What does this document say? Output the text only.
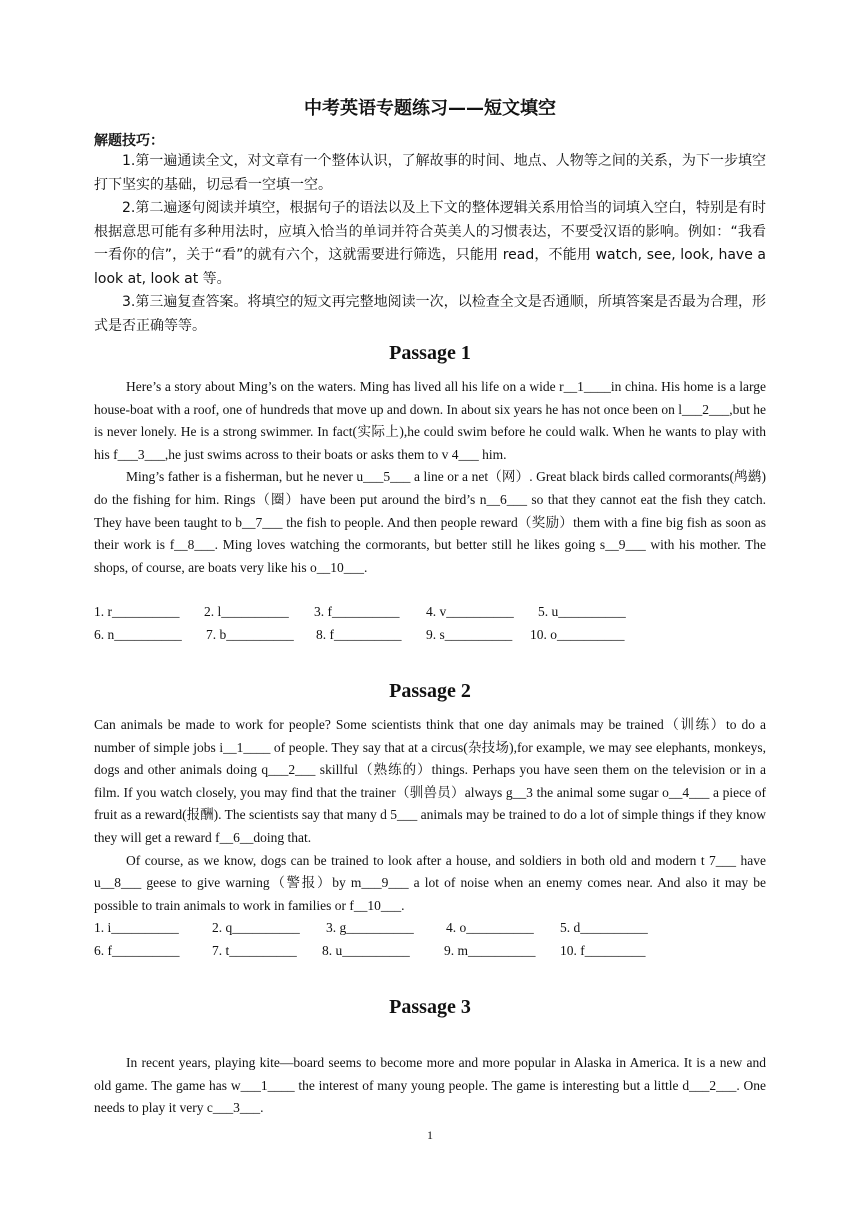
中考英语专题练习——短文填空
解题技巧：

1.第一遍通读全文，对文章有一个整体认识，了解故事的时间、地点、人物等之间的关系，为下一步填空打下坚实的基础，切忌看一空填一空。

2.第二遍逐句阅读并填空，根据句子的语法以及上下文的整体逻辑关系用恰当的词填入空白，特别是有时根据意思可能有多种用法时，应填入恰当的单词并符合英美人的习惯表达，不要受汉语的影响。例如：“我看一看你的信”，关于“看”的就有六个，这就需要进行筛选，只能用 read，不能用 watch, see, look, have a look at, look at 等。

3.第三遍复查答案。将填空的短文再完整地阅读一次，以检查全文是否通顺，所填答案是否最为合理，形式是否正确等等。

Passage 1

Here’s a story about Ming’s on the waters. Ming has lived all his life on a wide r__1____in china. His home is a large house-boat with a roof, one of hundreds that move up and down. In about six years he has not once been on l___2___,but he is never lonely. He is a strong swimmer. In fact(实际上),he could swim before he could walk. When he wants to play with his f___3___,he just swims across to their boats or asks them to v 4___ him.

Ming’s father is a fisherman, but he never u___5___ a line or a net（网）. Great black birds called cormorants(鸬鹚) do the fishing for him. Rings（圈）have been put around the bird’s n__6___ so that they cannot eat the fish they catch. They have been taught to b__7___ the fish to people. And then people reward（奖励）them with a fine big fish as soon as their work is f__8___. Ming loves watching the cormorants, but better still he likes going s__9___ with his mother. The shops, of course, are boats very like his o__10___.

1. r__________	2. l__________	3. f__________	4. v__________	5. u__________
6. n__________	7. b__________	8. f__________	9. s__________	10. o__________
Passage 2

Can animals be made to work for people? Some scientists think that one day animals may be trained（训练）to do a number of simple jobs i__1____ of people. They say that at a circus(杂技场),for example, we may see elephants, monkeys, dogs and other animals doing q___2___ skillful（熟练的）things. Perhaps you have seen them on the television or in a film. If you watch closely, you may find that the trainer（驯兽员）always g__3 the animal some sugar o__4___ a piece of fruit as a reward(报酬). The scientists say that many d 5___ animals may be trained to do a lot of simple things if they know they will get a reward f__6__doing that.

Of course, as we know, dogs can be trained to look after a house, and soldiers in both old and modern t 7___ have u__8___ geese to give warning（警报）by m___9___ a lot of noise when an enemy comes near. And also it may be possible to train animals to work in families or f__10___.

1. i__________	2. q__________	3. g__________	4. o__________	5. d__________
6. f__________	7. t__________	8. u__________	9. m__________	10. f_________
Passage 3

In recent years, playing kite—board seems to become more and more popular in Alaska in America. It is a new and old game. The game has w___1____ the interest of many young people. The game is interesting but a little d___2___. One needs to play it very c___3___.

1
